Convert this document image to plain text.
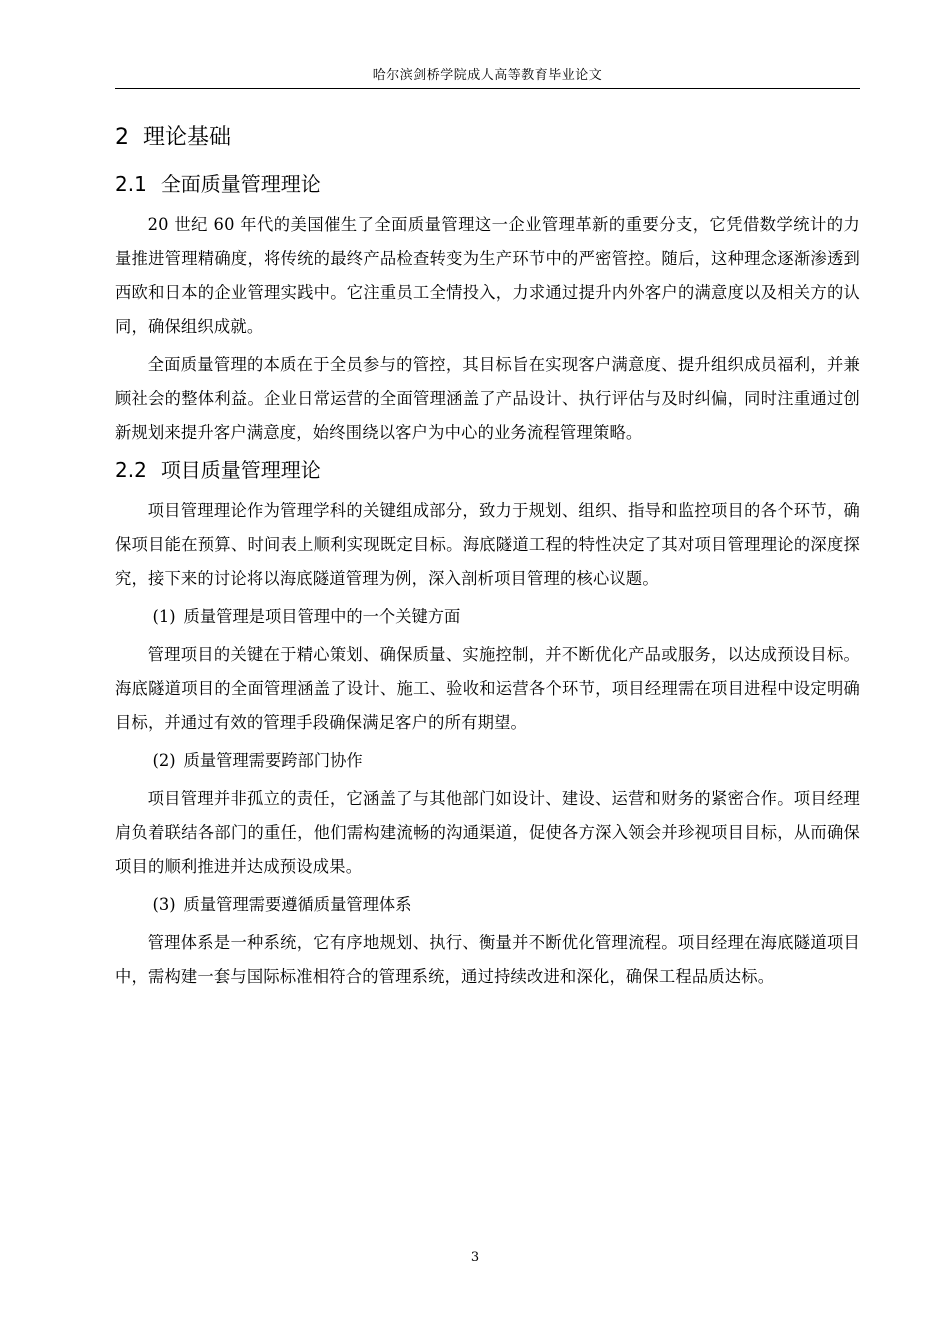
哈尔滨剑桥学院成人高等教育毕业论文
2 理论基础
2.1 全面质量管理理论

20 世纪 60 年代的美国催生了全面质量管理这一企业管理革新的重要分支，它凭借数学统计的力量推进管理精确度，将传统的最终产品检查转变为生产环节中的严密管控。随后，这种理念逐渐渗透到西欧和日本的企业管理实践中。它注重员工全情投入，力求通过提升内外客户的满意度以及相关方的认同，确保组织成就。

全面质量管理的本质在于全员参与的管控，其目标旨在实现客户满意度、提升组织成员福利，并兼顾社会的整体利益。企业日常运营的全面管理涵盖了产品设计、执行评估与及时纠偏，同时注重通过创新规划来提升客户满意度，始终围绕以客户为中心的业务流程管理策略。

2.2 项目质量管理理论

项目管理理论作为管理学科的关键组成部分，致力于规划、组织、指导和监控项目的各个环节，确保项目能在预算、时间表上顺利实现既定目标。海底隧道工程的特性决定了其对项目管理理论的深度探究，接下来的讨论将以海底隧道管理为例，深入剖析项目管理的核心议题。

(1) 质量管理是项目管理中的一个关键方面

管理项目的关键在于精心策划、确保质量、实施控制，并不断优化产品或服务，以达成预设目标。海底隧道项目的全面管理涵盖了设计、施工、验收和运营各个环节，项目经理需在项目进程中设定明确目标，并通过有效的管理手段确保满足客户的所有期望。

(2) 质量管理需要跨部门协作

项目管理并非孤立的责任，它涵盖了与其他部门如设计、建设、运营和财务的紧密合作。项目经理肩负着联结各部门的重任，他们需构建流畅的沟通渠道，促使各方深入领会并珍视项目目标，从而确保项目的顺利推进并达成预设成果。

(3) 质量管理需要遵循质量管理体系

管理体系是一种系统，它有序地规划、执行、衡量并不断优化管理流程。项目经理在海底隧道项目中，需构建一套与国际标准相符合的管理系统，通过持续改进和深化，确保工程品质达标。

3
